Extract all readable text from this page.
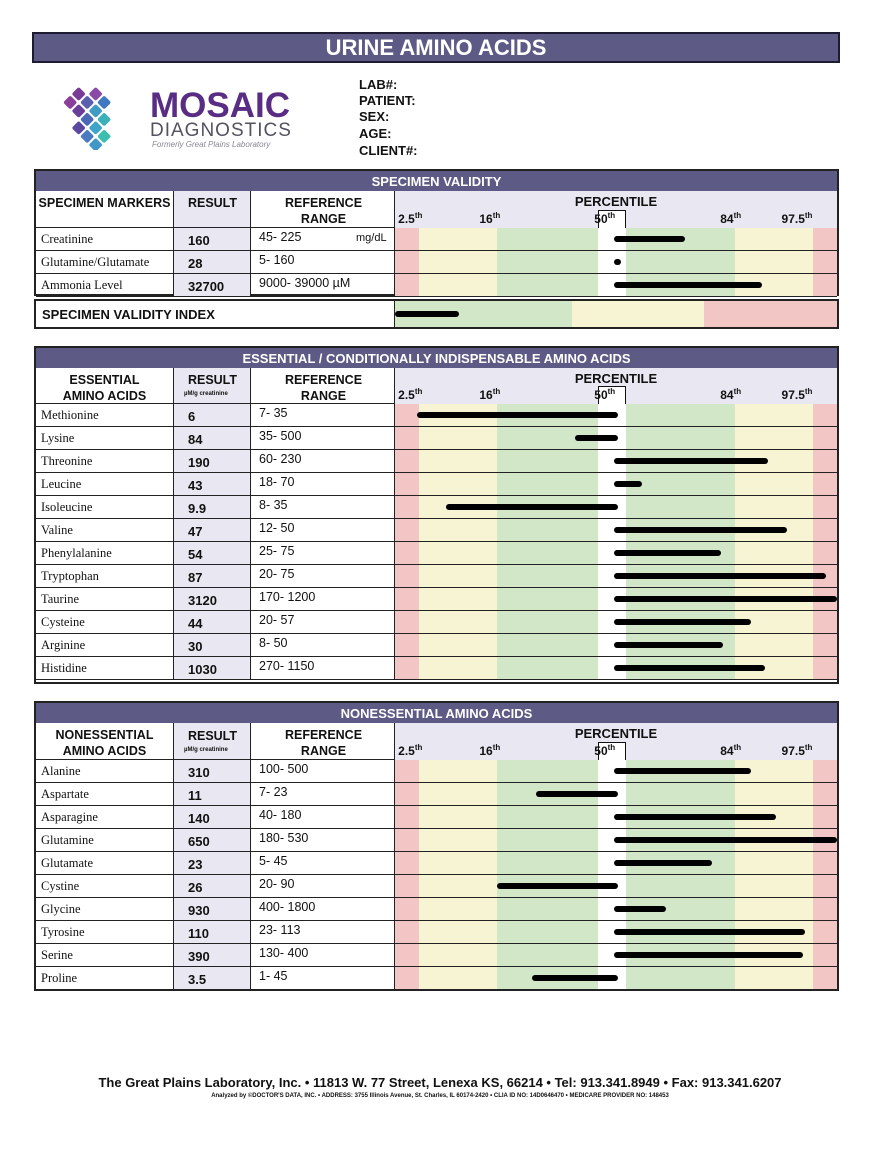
URINE AMINO ACIDS
MOSAIC
DIAGNOSTICS
Formerly Great Plains Laboratory
LAB#:
PATIENT:
SEX:
AGE:
CLIENT#:
SPECIMEN VALIDITY
SPECIMEN MARKERS	RESULT	REFERENCE RANGE
PERCENTILE
2.5th	16th	50th	84th	97.5th
Creatinine	160	45- 225	mg/dL
Glutamine/Glutamate	28	5- 160
Ammonia Level	32700	9000- 39000 µM
SPECIMEN VALIDITY INDEX
ESSENTIAL / CONDITIONALLY INDISPENSABLE AMINO ACIDS
ESSENTIAL AMINO ACIDS
RESULT
µM/g creatinine
REFERENCE RANGE
PERCENTILE
2.5th	16th	50th	84th	97.5th
Methionine	6	7- 35
Lysine	84	35- 500
Threonine	190	60- 230
Leucine	43	18- 70
Isoleucine	9.9	8- 35
Valine	47	12- 50
Phenylalanine	54	25- 75
Tryptophan	87	20- 75
Taurine	3120	170- 1200
Cysteine	44	20- 57
Arginine	30	8- 50
Histidine	1030	270- 1150
NONESSENTIAL AMINO ACIDS
NONESSENTIAL AMINO ACIDS
RESULT
µM/g creatinine
REFERENCE RANGE
PERCENTILE
2.5th	16th	50th	84th	97.5th
Alanine	310	100- 500
Aspartate	11	7- 23
Asparagine	140	40- 180
Glutamine	650	180- 530
Glutamate	23	5- 45
Cystine	26	20- 90
Glycine	930	400- 1800
Tyrosine	110	23- 113
Serine	390	130- 400
Proline	3.5	1- 45
The Great Plains Laboratory, Inc. • 11813 W. 77 Street, Lenexa KS, 66214 • Tel: 913.341.8949 • Fax: 913.341.6207
Analyzed by ©DOCTOR'S DATA, INC. • ADDRESS: 3755 Illinois Avenue, St. Charles, IL 60174-2420 • CLIA ID NO: 14D0646470 • MEDICARE PROVIDER NO: 148453
